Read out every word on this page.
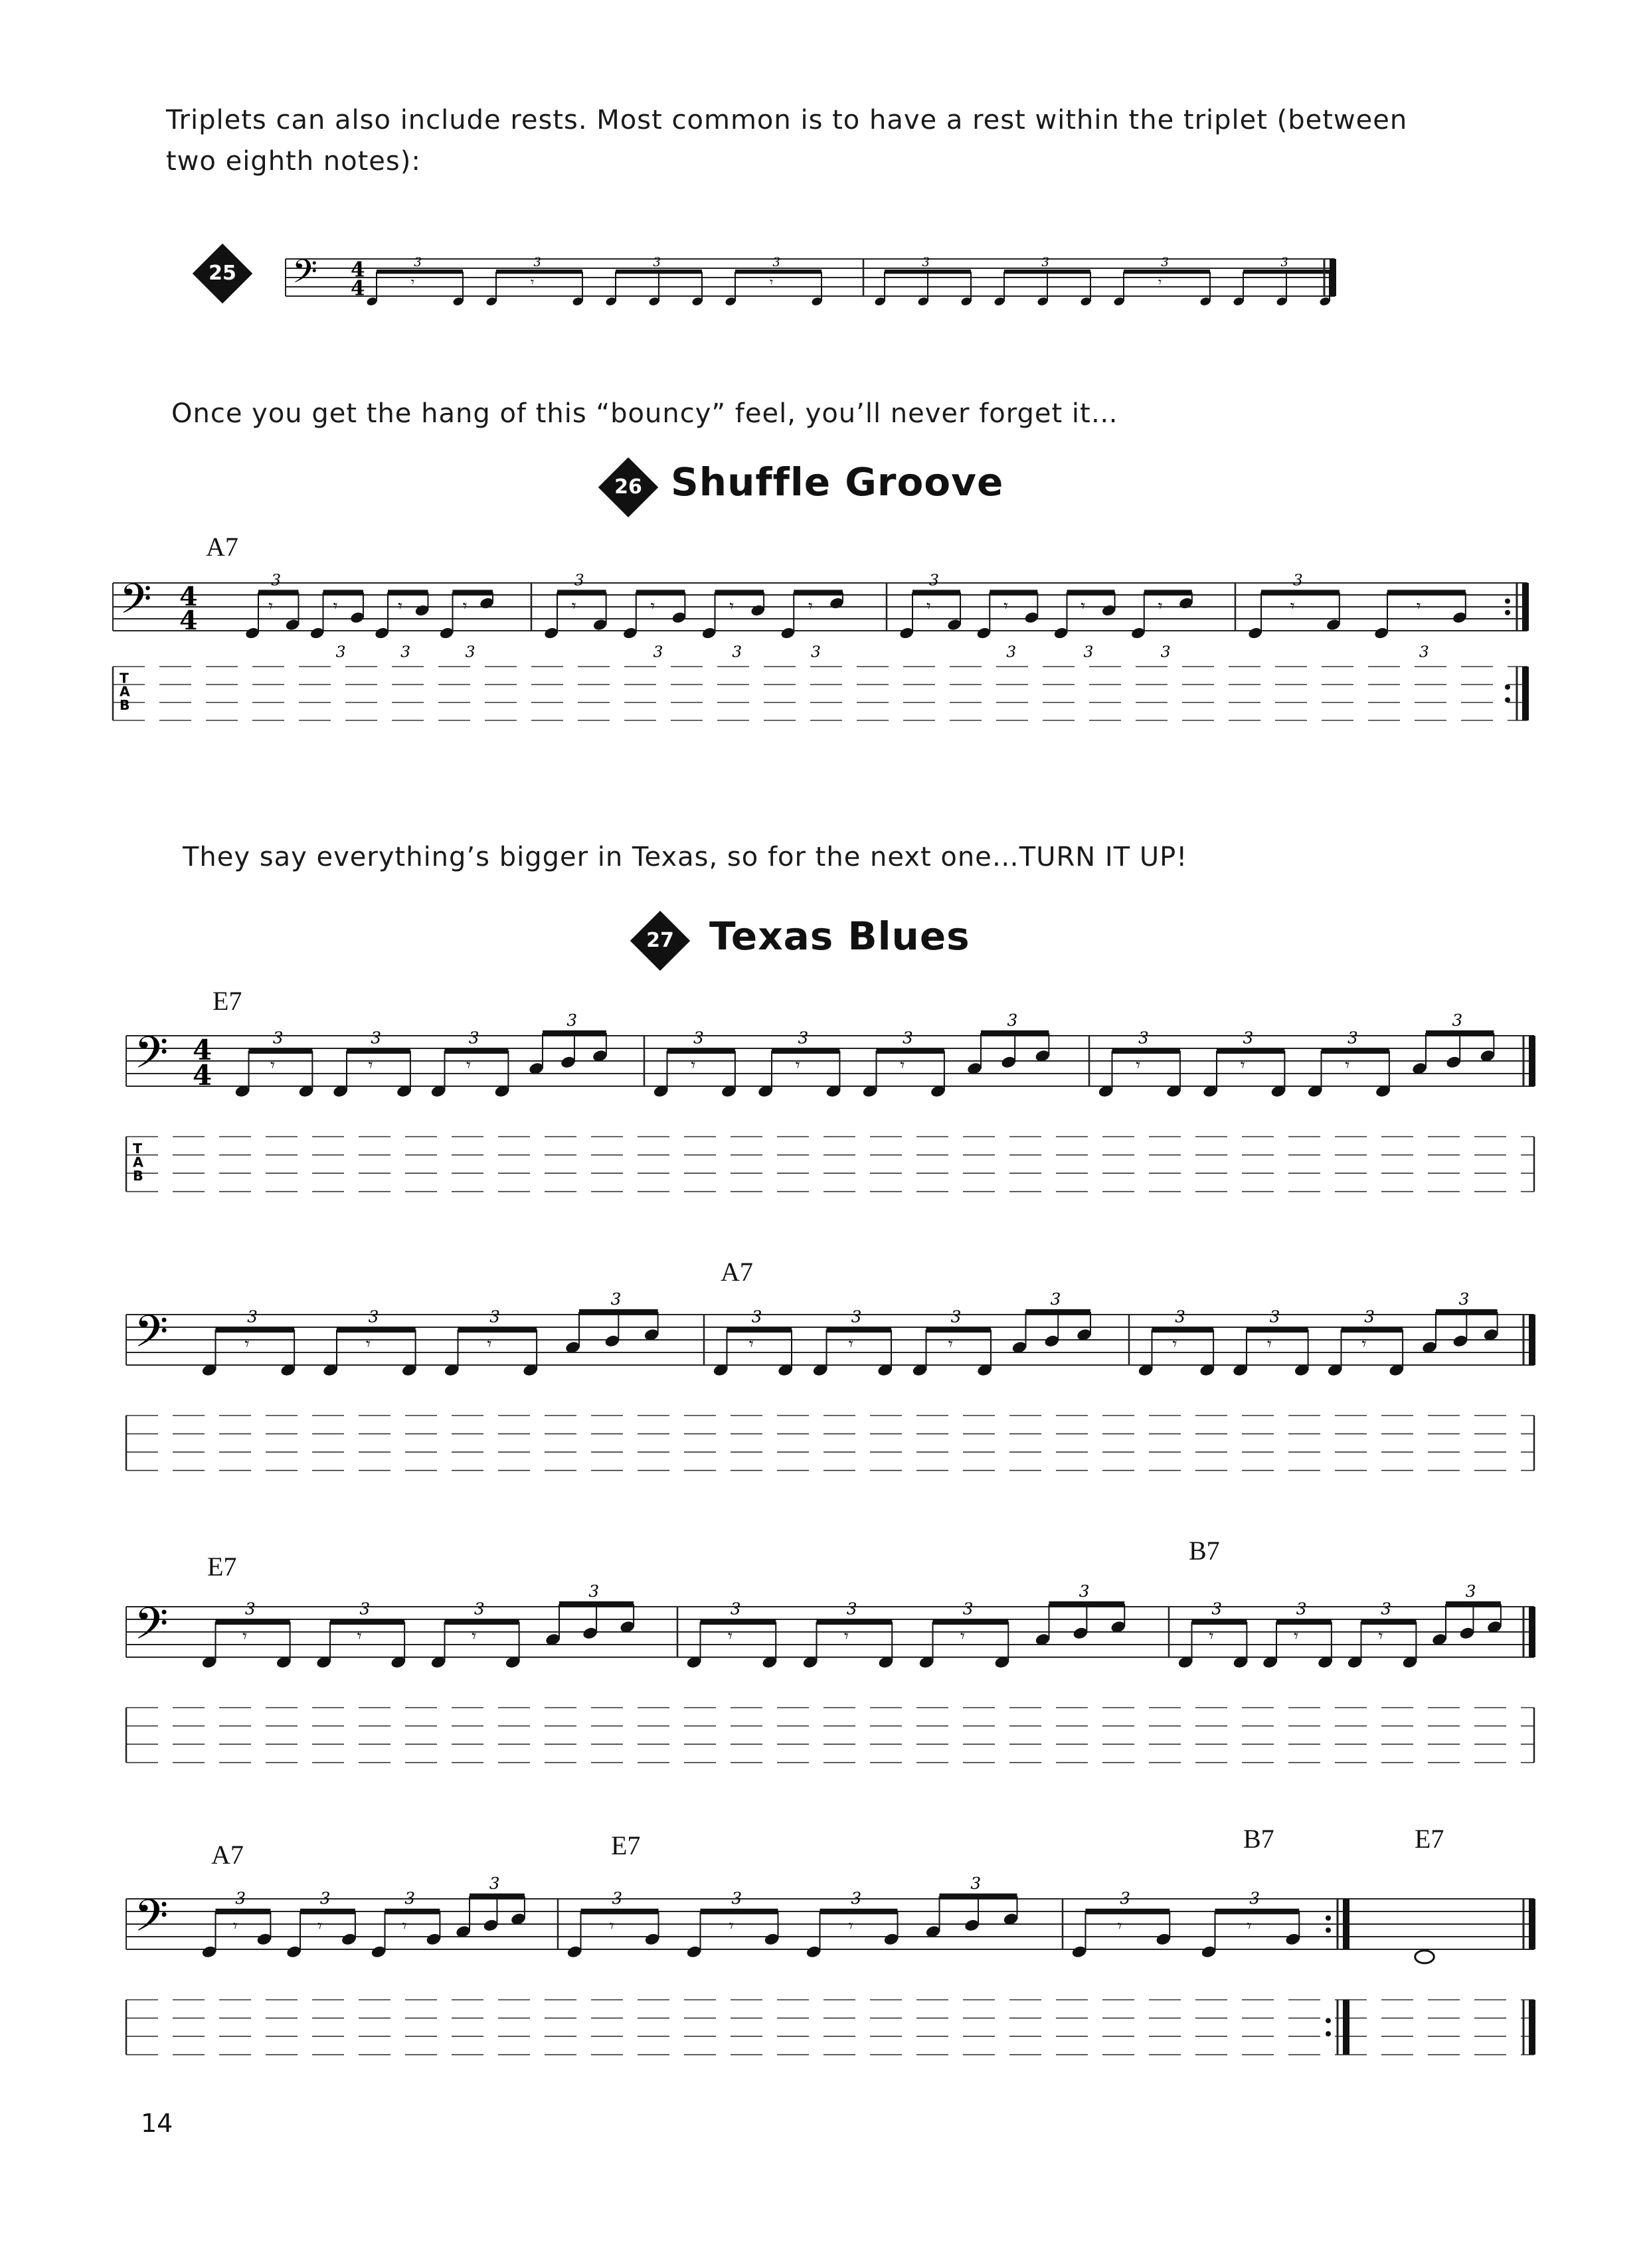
Triplets can also include rests. Most common is to have a rest within the triplet (between two eighth notes):
25 𝄢 4
4	𝄾
3
𝄾
3	3
𝄾
3	3	3
𝄾
3	3
Once you get the hang of this “bouncy” feel, you’ll never forget it…
26 Shuffle Groove
A7
𝄢 4
4	𝄾
3
𝄾
3
𝄾
3
𝄾
3
𝄾
3
𝄾
3
𝄾
3
𝄾
3
𝄾
3
𝄾
3
𝄾
3
𝄾
3
𝄾
3
𝄾
3
T
A
B
They say everything’s bigger in Texas, so for the next one…TURN IT UP!
27 Texas Blues
E7
𝄢 4
4	𝄾
3
𝄾
3
𝄾
3
3
𝄾
3
𝄾
3
𝄾
3
3
𝄾
3
𝄾
3
𝄾
3
3
T
A
B
A7
𝄢	𝄾
3
𝄾
3
𝄾
3
3
𝄾
3
𝄾
3
𝄾
3
3
𝄾
3
𝄾
3
𝄾
3
3
E7
B7
𝄢	𝄾
3
𝄾
3
𝄾
3
3
𝄾
3
𝄾
3
𝄾
3
3
𝄾
3
𝄾
3
𝄾
3
3
A7	E7	B7	E7
𝄢	𝄾
3
𝄾
3
𝄾
3
3
𝄾
3
𝄾
3
𝄾
3
3
𝄾
3
𝄾
3
14
